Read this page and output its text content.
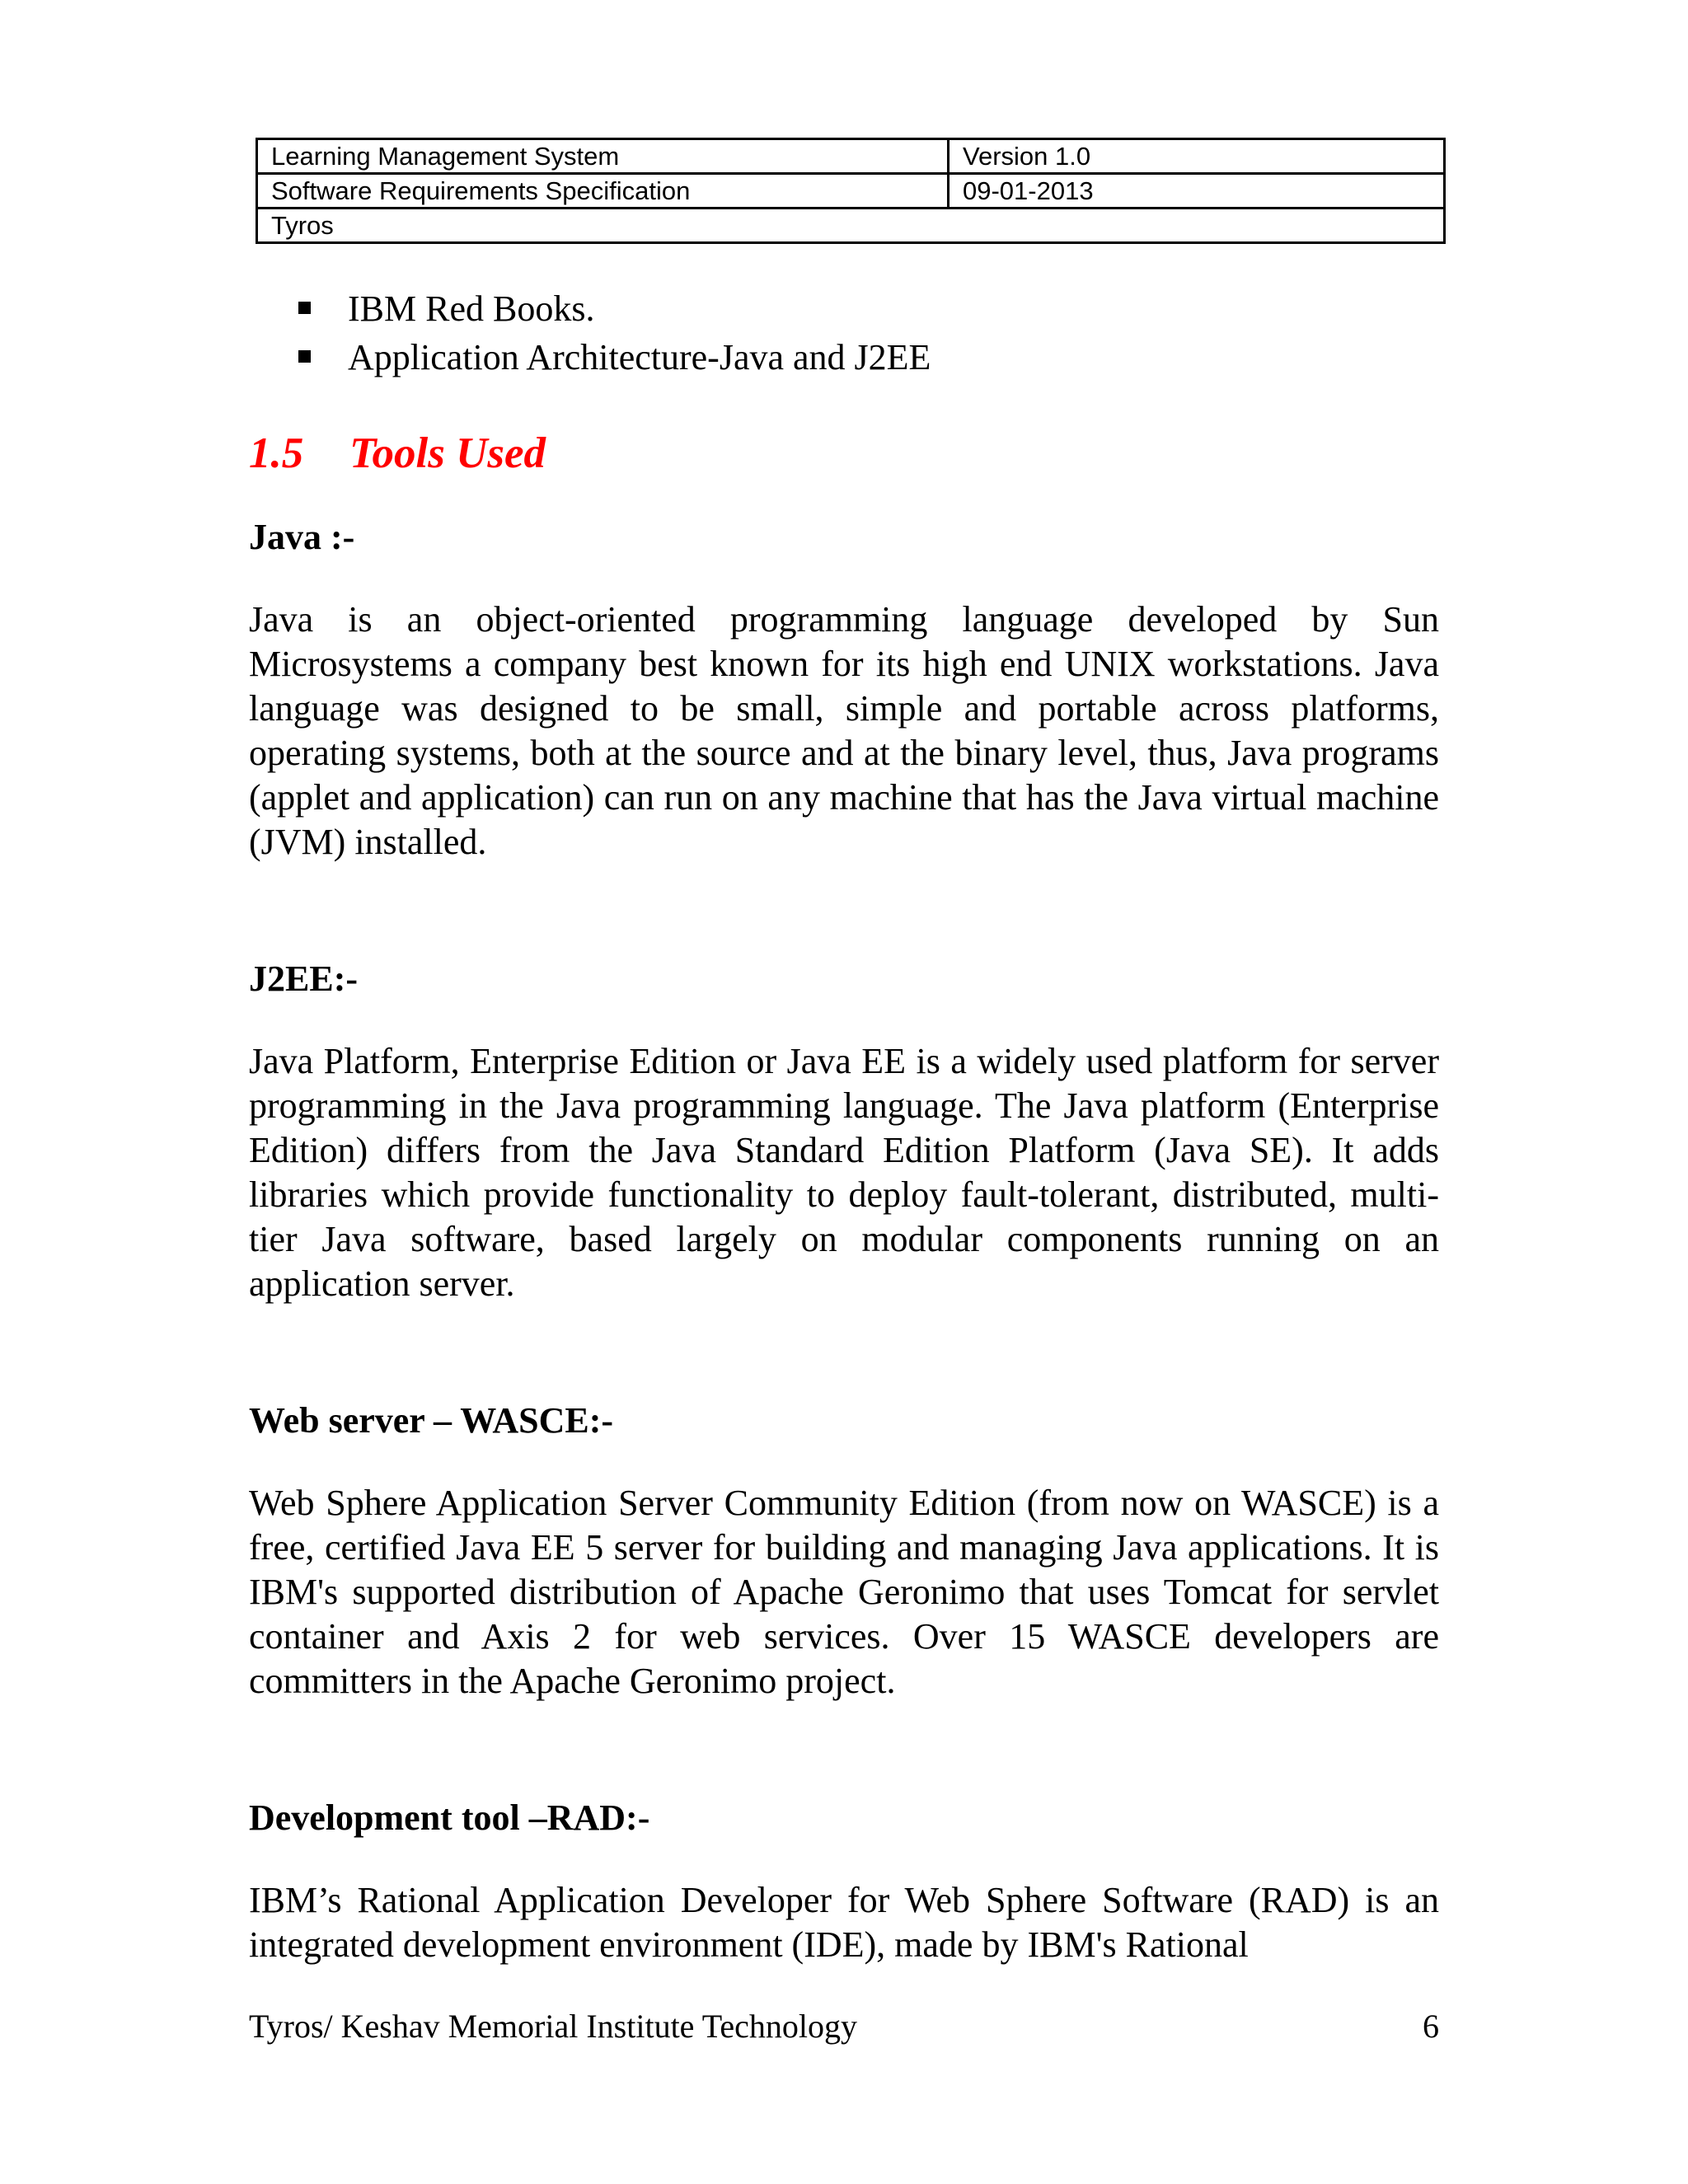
Learning Management System	Version 1.0
Software Requirements Specification	09-01-2013
Tyros	
IBM Red Books.
Application Architecture-Java and J2EE
1.5	Tools Used
Java :-

Java is an object-oriented programming language developed by Sun Microsystems a company best known for its high end UNIX workstations. Java language was designed to be small, simple and portable across platforms, operating systems, both at the source and at the binary level, thus, Java programs (applet and application) can run on any machine that has the Java virtual machine (JVM) installed.

J2EE:-

Java Platform, Enterprise Edition or Java EE is a widely used platform for server programming in the Java programming language. The Java platform (Enterprise Edition) differs from the Java Standard Edition Platform (Java SE). It adds libraries which provide functionality to deploy fault-tolerant, distributed, multi-tier Java software, based largely on modular components running on an application server.

Web server – WASCE:-

Web Sphere Application Server Community Edition (from now on WASCE) is a free, certified Java EE 5 server for building and managing Java applications. It is IBM's supported distribution of Apache Geronimo that uses Tomcat for servlet container and Axis 2 for web services. Over 15 WASCE developers are committers in the Apache Geronimo project.

Development tool –RAD:-

IBM’s Rational Application Developer for Web Sphere Software (RAD) is an integrated development environment (IDE), made by IBM's Rational

Tyros/ Keshav Memorial Institute Technology	6
